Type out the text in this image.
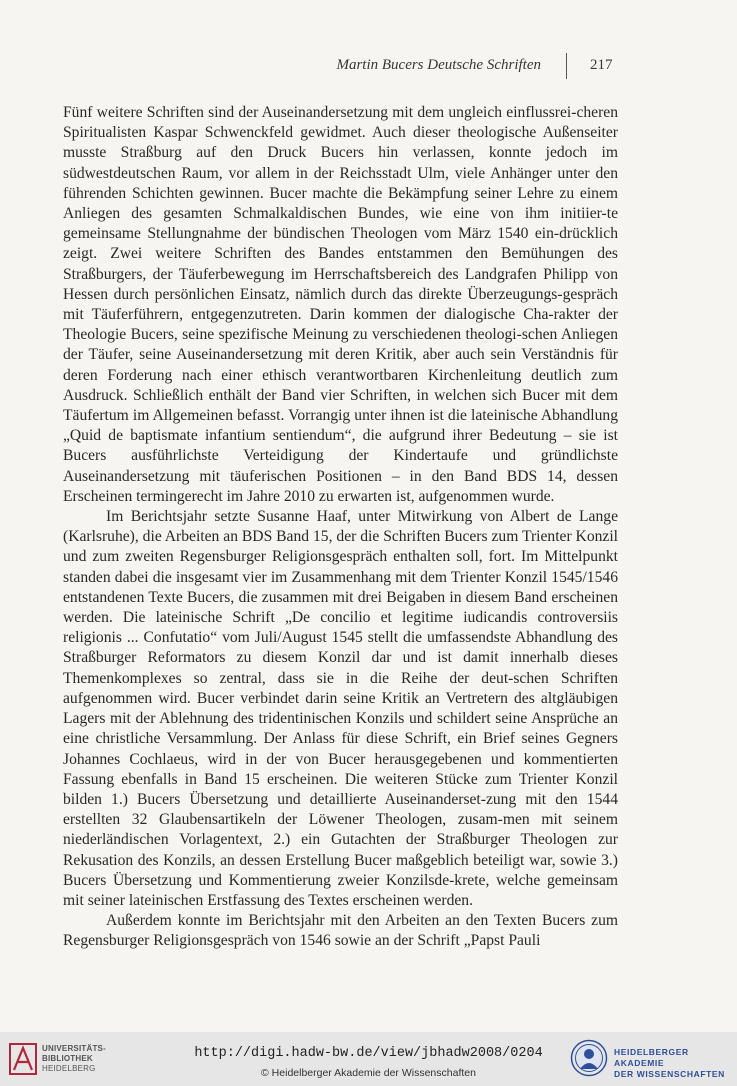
Martin Bucers Deutsche Schriften	217

Fünf weitere Schriften sind der Auseinandersetzung mit dem ungleich einflussrei-cheren Spiritualisten Kaspar Schwenckfeld gewidmet. Auch dieser theologische Außenseiter musste Straßburg auf den Druck Bucers hin verlassen, konnte jedoch im südwestdeutschen Raum, vor allem in der Reichsstadt Ulm, viele Anhänger unter den führenden Schichten gewinnen. Bucer machte die Bekämpfung seiner Lehre zu einem Anliegen des gesamten Schmalkaldischen Bundes, wie eine von ihm initiier-te gemeinsame Stellungnahme der bündischen Theologen vom März 1540 ein-drücklich zeigt. Zwei weitere Schriften des Bandes entstammen den Bemühungen des Straßburgers, der Täuferbewegung im Herrschaftsbereich des Landgrafen Philipp von Hessen durch persönlichen Einsatz, nämlich durch das direkte Überzeugungs-gespräch mit Täuferführern, entgegenzutreten. Darin kommen der dialogische Cha-rakter der Theologie Bucers, seine spezifische Meinung zu verschiedenen theologi-schen Anliegen der Täufer, seine Auseinandersetzung mit deren Kritik, aber auch sein Verständnis für deren Forderung nach einer ethisch verantwortbaren Kirchenleitung deutlich zum Ausdruck. Schließlich enthält der Band vier Schriften, in welchen sich Bucer mit dem Täufertum im Allgemeinen befasst. Vorrangig unter ihnen ist die lateinische Abhandlung „Quid de baptismate infantium sentiendum“, die aufgrund ihrer Bedeutung – sie ist Bucers ausführlichste Verteidigung der Kindertaufe und gründlichste Auseinandersetzung mit täuferischen Positionen – in den Band BDS 14, dessen Erscheinen termingerecht im Jahre 2010 zu erwarten ist, aufgenommen wurde.

Im Berichtsjahr setzte Susanne Haaf, unter Mitwirkung von Albert de Lange (Karlsruhe), die Arbeiten an BDS Band 15, der die Schriften Bucers zum Trienter Konzil und zum zweiten Regensburger Religionsgespräch enthalten soll, fort. Im Mittelpunkt standen dabei die insgesamt vier im Zusammenhang mit dem Trienter Konzil 1545/1546 entstandenen Texte Bucers, die zusammen mit drei Beigaben in diesem Band erscheinen werden. Die lateinische Schrift „De concilio et legitime iudicandis controversiis religionis ... Confutatio“ vom Juli/August 1545 stellt die umfassendste Abhandlung des Straßburger Reformators zu diesem Konzil dar und ist damit innerhalb dieses Themenkomplexes so zentral, dass sie in die Reihe der deut-schen Schriften aufgenommen wird. Bucer verbindet darin seine Kritik an Vertretern des altgläubigen Lagers mit der Ablehnung des tridentinischen Konzils und schildert seine Ansprüche an eine christliche Versammlung. Der Anlass für diese Schrift, ein Brief seines Gegners Johannes Cochlaeus, wird in der von Bucer herausgegebenen und kommentierten Fassung ebenfalls in Band 15 erscheinen. Die weiteren Stücke zum Trienter Konzil bilden 1.) Bucers Übersetzung und detaillierte Auseinanderset-zung mit den 1544 erstellten 32 Glaubensartikeln der Löwener Theologen, zusam-men mit seinem niederländischen Vorlagentext, 2.) ein Gutachten der Straßburger Theologen zur Rekusation des Konzils, an dessen Erstellung Bucer maßgeblich beteiligt war, sowie 3.) Bucers Übersetzung und Kommentierung zweier Konzilsde-krete, welche gemeinsam mit seiner lateinischen Erstfassung des Textes erscheinen werden.

Außerdem konnte im Berichtsjahr mit den Arbeiten an den Texten Bucers zum Regensburger Religionsgespräch von 1546 sowie an der Schrift „Papst Pauli

UNIVERSITÄTS-
BIBLIOTHEK
HEIDELBERG
http://digi.hadw-bw.de/view/jbhadw2008/0204
© Heidelberger Akademie der Wissenschaften
HEIDELBERGER AKADEMIE
DER WISSENSCHAFTEN
